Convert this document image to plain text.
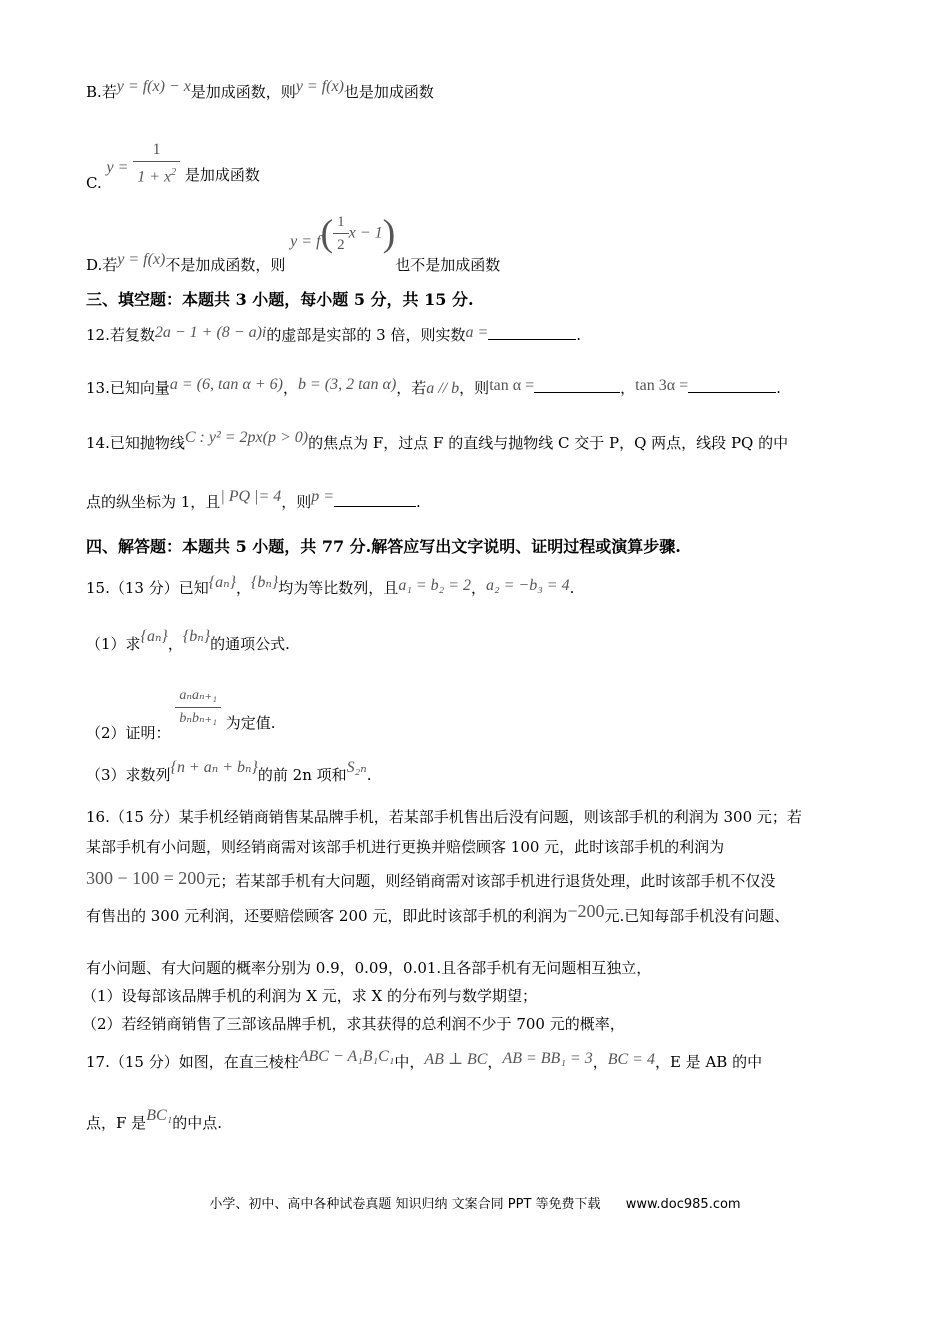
B.若y = f(x) − x是加成函数，则y = f(x)也是加成函数
C. $y = \frac{1}{1 + x^2}$ 是加成函数
D.若y = f(x)不是加成函数，则 $y = f( \frac{1}{2}$ x − 1)也不是加成函数
三、填空题：本题共 3 小题，每小题 5 分，共 15 分.
12.若复数2a − 1 + (8 − a)i的虚部是实部的 3 倍，则实数a =	.
13.已知向量a = (6, tan α + 6)，b = (3, 2 tan α)，若a // b，则tan α =	，tan 3α =	.
14.已知抛物线C : y² = 2px(p > 0)的焦点为 F，过点 F 的直线与抛物线 C 交于 P，Q 两点，线段 PQ 的中
点的纵坐标为 1，且| PQ |= 4，则p =	.
四、解答题：本题共 5 小题，共 77 分.解答应写出文字说明、证明过程或演算步骤.
15.（13 分）已知{aₙ}，{bₙ}均为等比数列，且a₁ = b₂ = 2，a₂ = −b₃ = 4.
（1）求{aₙ}，{bₙ}的通项公式.
（2）证明：
$\frac{\text{aₙaₙ₊₁}}{\text{bₙbₙ₊₁}}$ 为定值.
（3）求数列{n + aₙ + bₙ}的前 2n 项和S₂ₙ.
16.（15 分）某手机经销商销售某品牌手机，若某部手机售出后没有问题，则该部手机的利润为 300 元；若
某部手机有小问题，则经销商需对该部手机进行更换并赔偿顾客 100 元，此时该部手机的利润为
300 − 100 = 200元；若某部手机有大问题，则经销商需对该部手机进行退货处理，此时该部手机不仅没
有售出的 300 元利润，还要赔偿顾客 200 元，即此时该部手机的利润为−200元.已知每部手机没有问题、
有小问题、有大问题的概率分别为 0.9，0.09，0.01.且各部手机有无问题相互独立，
（1）设每部该品牌手机的利润为 X 元，求 X 的分布列与数学期望；
（2）若经销商销售了三部该品牌手机，求其获得的总利润不少于 700 元的概率，
17.（15 分）如图，在直三棱柱ABC − A₁B₁C₁中，AB ⊥ BC，AB = BB₁ = 3，BC = 4，E 是 AB 的中
点，F 是BC₁的中点.
小学、初中、高中各种试卷真题 知识归纳 文案合同 PPT 等免费下载 www.doc985.com
